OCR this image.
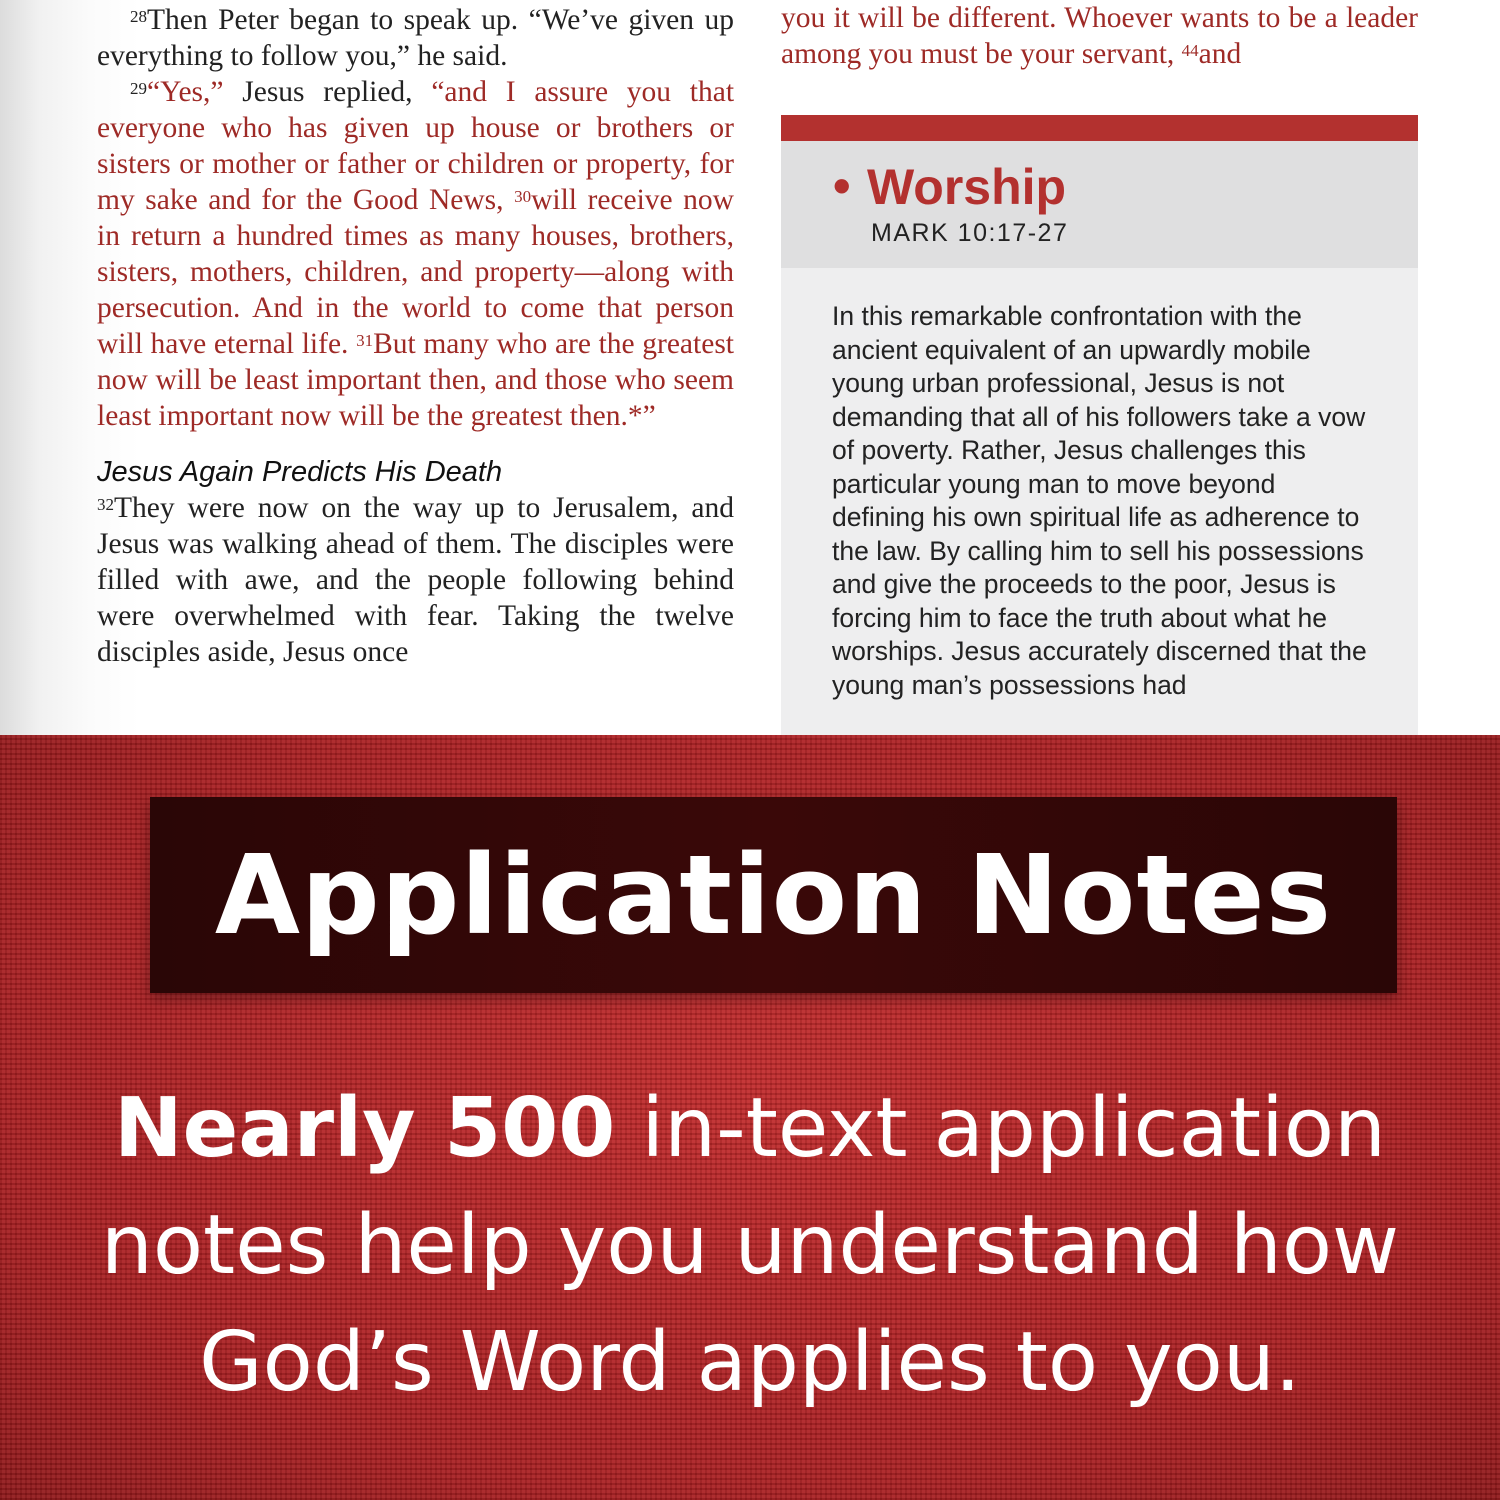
$^{28}$Then Peter began to speak up. “We’ve given up everything to follow you,” he said.

$^{29}$“Yes,” Jesus replied, “and I assure you that everyone who has given up house or brothers or sisters or mother or father or children or property, for my sake and for the Good News, $^{30}$will receive now in return a hundred times as many houses, brothers, sisters, mothers, children, and property—along with persecution. And in the world to come that person will have eternal life. $^{31}$But many who are the greatest now will be least important then, and those who seem least important now will be the greatest then.*”

Jesus Again Predicts His Death

$^{32}$They were now on the way up to Jerusalem, and Jesus was walking ahead of them. The disciples were filled with awe, and the people following behind were overwhelmed with fear. Taking the twelve disciples aside, Jesus once

you it will be different. Whoever wants to be a leader among you must be your servant, $^{44}$and
• Worship
MARK 10:17-27
In this remarkable confrontation with the ancient equivalent of an upwardly mobile young urban professional, Jesus is not demanding that all of his followers take a vow of poverty. Rather, Jesus challenges this particular young man to move beyond defining his own spiritual life as adherence to the law. By calling him to sell his possessions and give the proceeds to the poor, Jesus is forcing him to face the truth about what he worships. Jesus accurately discerned that the young man’s possessions had
Application Notes
Nearly 500 in-text application notes help you understand how God’s Word applies to you.
